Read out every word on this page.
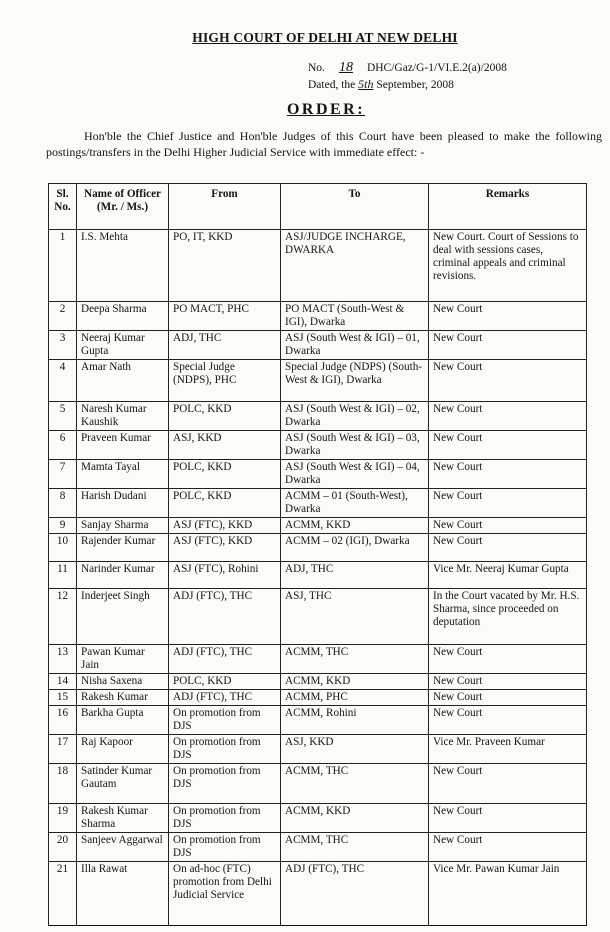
HIGH COURT OF DELHI AT NEW DELHI
No. 18 DHC/Gaz/G-1/VI.E.2(a)/2008
Dated, the 5th September, 2008
ORDER:
Hon'ble the Chief Justice and Hon'ble Judges of this Court have been pleased to make the following postings/transfers in the Delhi Higher Judicial Service with immediate effect: -
Sl. No.	Name of Officer (Mr. / Ms.)	From	To	Remarks
1	I.S. Mehta	PO, IT, KKD	ASJ/JUDGE INCHARGE, DWARKA	New Court. Court of Sessions to deal with sessions cases, criminal appeals and criminal revisions.
2	Deepa Sharma	PO MACT, PHC	PO MACT (South-West & IGI), Dwarka	New Court
3	Neeraj Kumar Gupta	ADJ, THC	ASJ (South West & IGI) – 01, Dwarka	New Court
4	Amar Nath	Special Judge (NDPS), PHC	Special Judge (NDPS) (South-West & IGI), Dwarka	New Court
5	Naresh Kumar Kaushik	POLC, KKD	ASJ (South West & IGI) – 02, Dwarka	New Court
6	Praveen Kumar	ASJ, KKD	ASJ (South West & IGI) – 03, Dwarka	New Court
7	Mamta Tayal	POLC, KKD	ASJ (South West & IGI) – 04, Dwarka	New Court
8	Harish Dudani	POLC, KKD	ACMM – 01 (South-West), Dwarka	New Court
9	Sanjay Sharma	ASJ (FTC), KKD	ACMM, KKD	New Court
10	Rajender Kumar	ASJ (FTC), KKD	ACMM – 02 (IGI), Dwarka	New Court
11	Narinder Kumar	ASJ (FTC), Rohini	ADJ, THC	Vice Mr. Neeraj Kumar Gupta
12	Inderjeet Singh	ADJ (FTC), THC	ASJ, THC	In the Court vacated by Mr. H.S. Sharma, since proceeded on deputation
13	Pawan Kumar Jain	ADJ (FTC), THC	ACMM, THC	New Court
14	Nisha Saxena	POLC, KKD	ACMM, KKD	New Court
15	Rakesh Kumar	ADJ (FTC), THC	ACMM, PHC	New Court
16	Barkha Gupta	On promotion from DJS	ACMM, Rohini	New Court
17	Raj Kapoor	On promotion from DJS	ASJ, KKD	Vice Mr. Praveen Kumar
18	Satinder Kumar Gautam	On promotion from DJS	ACMM, THC	New Court
19	Rakesh Kumar Sharma	On promotion from DJS	ACMM, KKD	New Court
20	Sanjeev Aggarwal	On promotion from DJS	ACMM, THC	New Court
21	Illa Rawat	On ad-hoc (FTC) promotion from Delhi Judicial Service	ADJ (FTC), THC	Vice Mr. Pawan Kumar Jain
